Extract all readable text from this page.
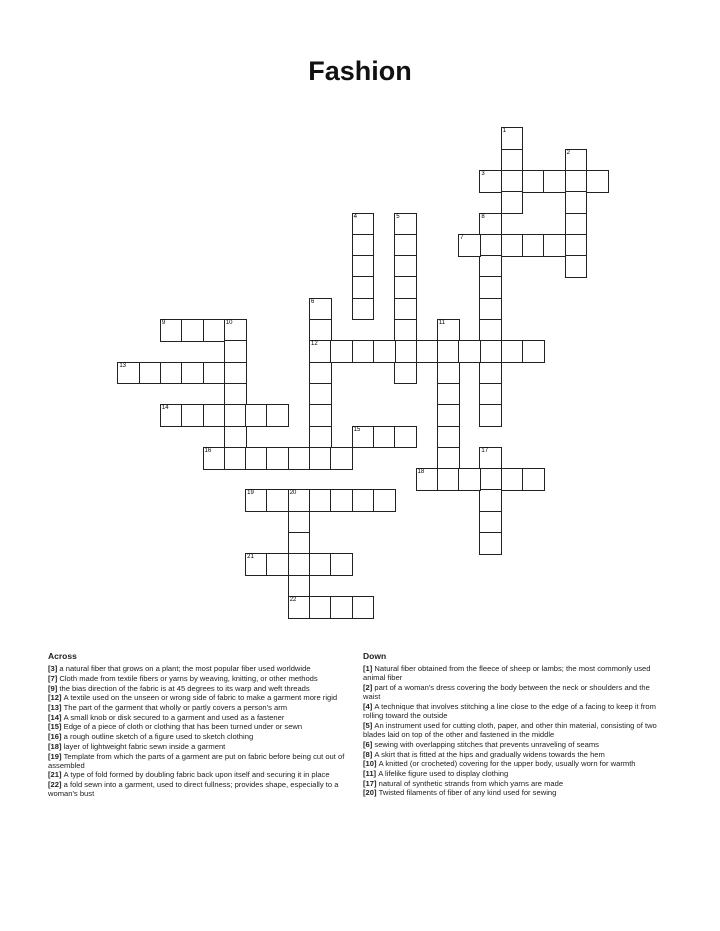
Fashion
1
2
3
4	5	8
7
6
12
9	10	11
13
14
15
16	17
18
19	20
22
21
Across
[3] a natural fiber that grows on a plant; the most popular fiber used worldwide
[7] Cloth made from textile fibers or yarns by weaving, knitting, or other methods
[9] the bias direction of the fabric is at 45 degrees to its warp and weft threads
[12] A textile used on the unseen or wrong side of fabric to make a garment more rigid
[13] The part of the garment that wholly or partly covers a person's arm
[14] A small knob or disk secured to a garment and used as a fastener
[15] Edge of a piece of cloth or clothing that has been turned under or sewn
[16] a rough outline sketch of a figure used to sketch clothing
[18] layer of lightweight fabric sewn inside a garment
[19] Template from which the parts of a garment are put on fabric before being cut out of assembled
[21] A type of fold formed by doubling fabric back upon itself and securing it in place
[22] a fold sewn into a garment, used to direct fullness; provides shape, especially to a woman's bust
Down
[1] Natural fiber obtained from the fleece of sheep or lambs; the most commonly used animal fiber
[2] part of a woman's dress covering the body between the neck or shoulders and the waist
[4] A technique that involves stitching a line close to the edge of a facing to keep it from rolling toward the outside
[5] An instrument used for cutting cloth, paper, and other thin material, consisting of two blades laid on top of the other and fastened in the middle
[6] sewing with overlapping stitches that prevents unraveling of seams
[8] A skirt that is fitted at the hips and gradually widens towards the hem
[10] A knitted (or crocheted) covering for the upper body, usually worn for warmth
[11] A lifelike figure used to display clothing
[17] natural of synthetic strands from which yarns are made
[20] Twisted filaments of fiber of any kind used for sewing
